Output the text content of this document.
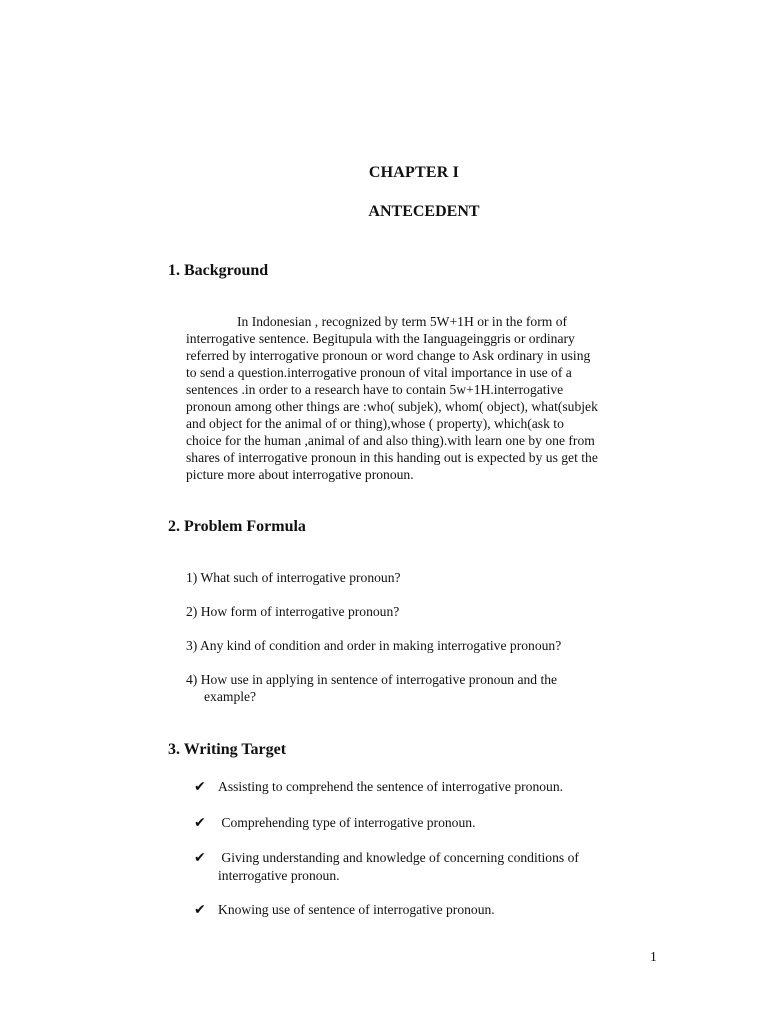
CHAPTER I
ANTECEDENT
1. Background
In Indonesian , recognized by term 5W+1H or in the form of
interrogative sentence. Begitupula with the Ianguageinggris or ordinary
referred by interrogative pronoun or word change to Ask ordinary in using
to send a question.interrogative pronoun of vital importance in use of a
sentences .in order to a research have to contain 5w+1H.interrogative
pronoun among other things are :who( subjek), whom( object), what(subjek
and object for the animal of or thing),whose ( property), which(ask to
choice for the human ,animal of and also thing).with learn one by one from
shares of interrogative pronoun in this handing out is expected by us get the
picture more about interrogative pronoun.
2. Problem Formula
1) What such of interrogative pronoun?
2) How form of interrogative pronoun?
3) Any kind of condition and order in making interrogative pronoun?
4) How use in applying in sentence of interrogative pronoun and the
example?
3. Writing Target
✔ Assisting to comprehend the sentence of interrogative pronoun.
✔ Comprehending type of interrogative pronoun.
✔ Giving understanding and knowledge of concerning conditions of
interrogative pronoun.
✔ Knowing use of sentence of interrogative pronoun.
1
